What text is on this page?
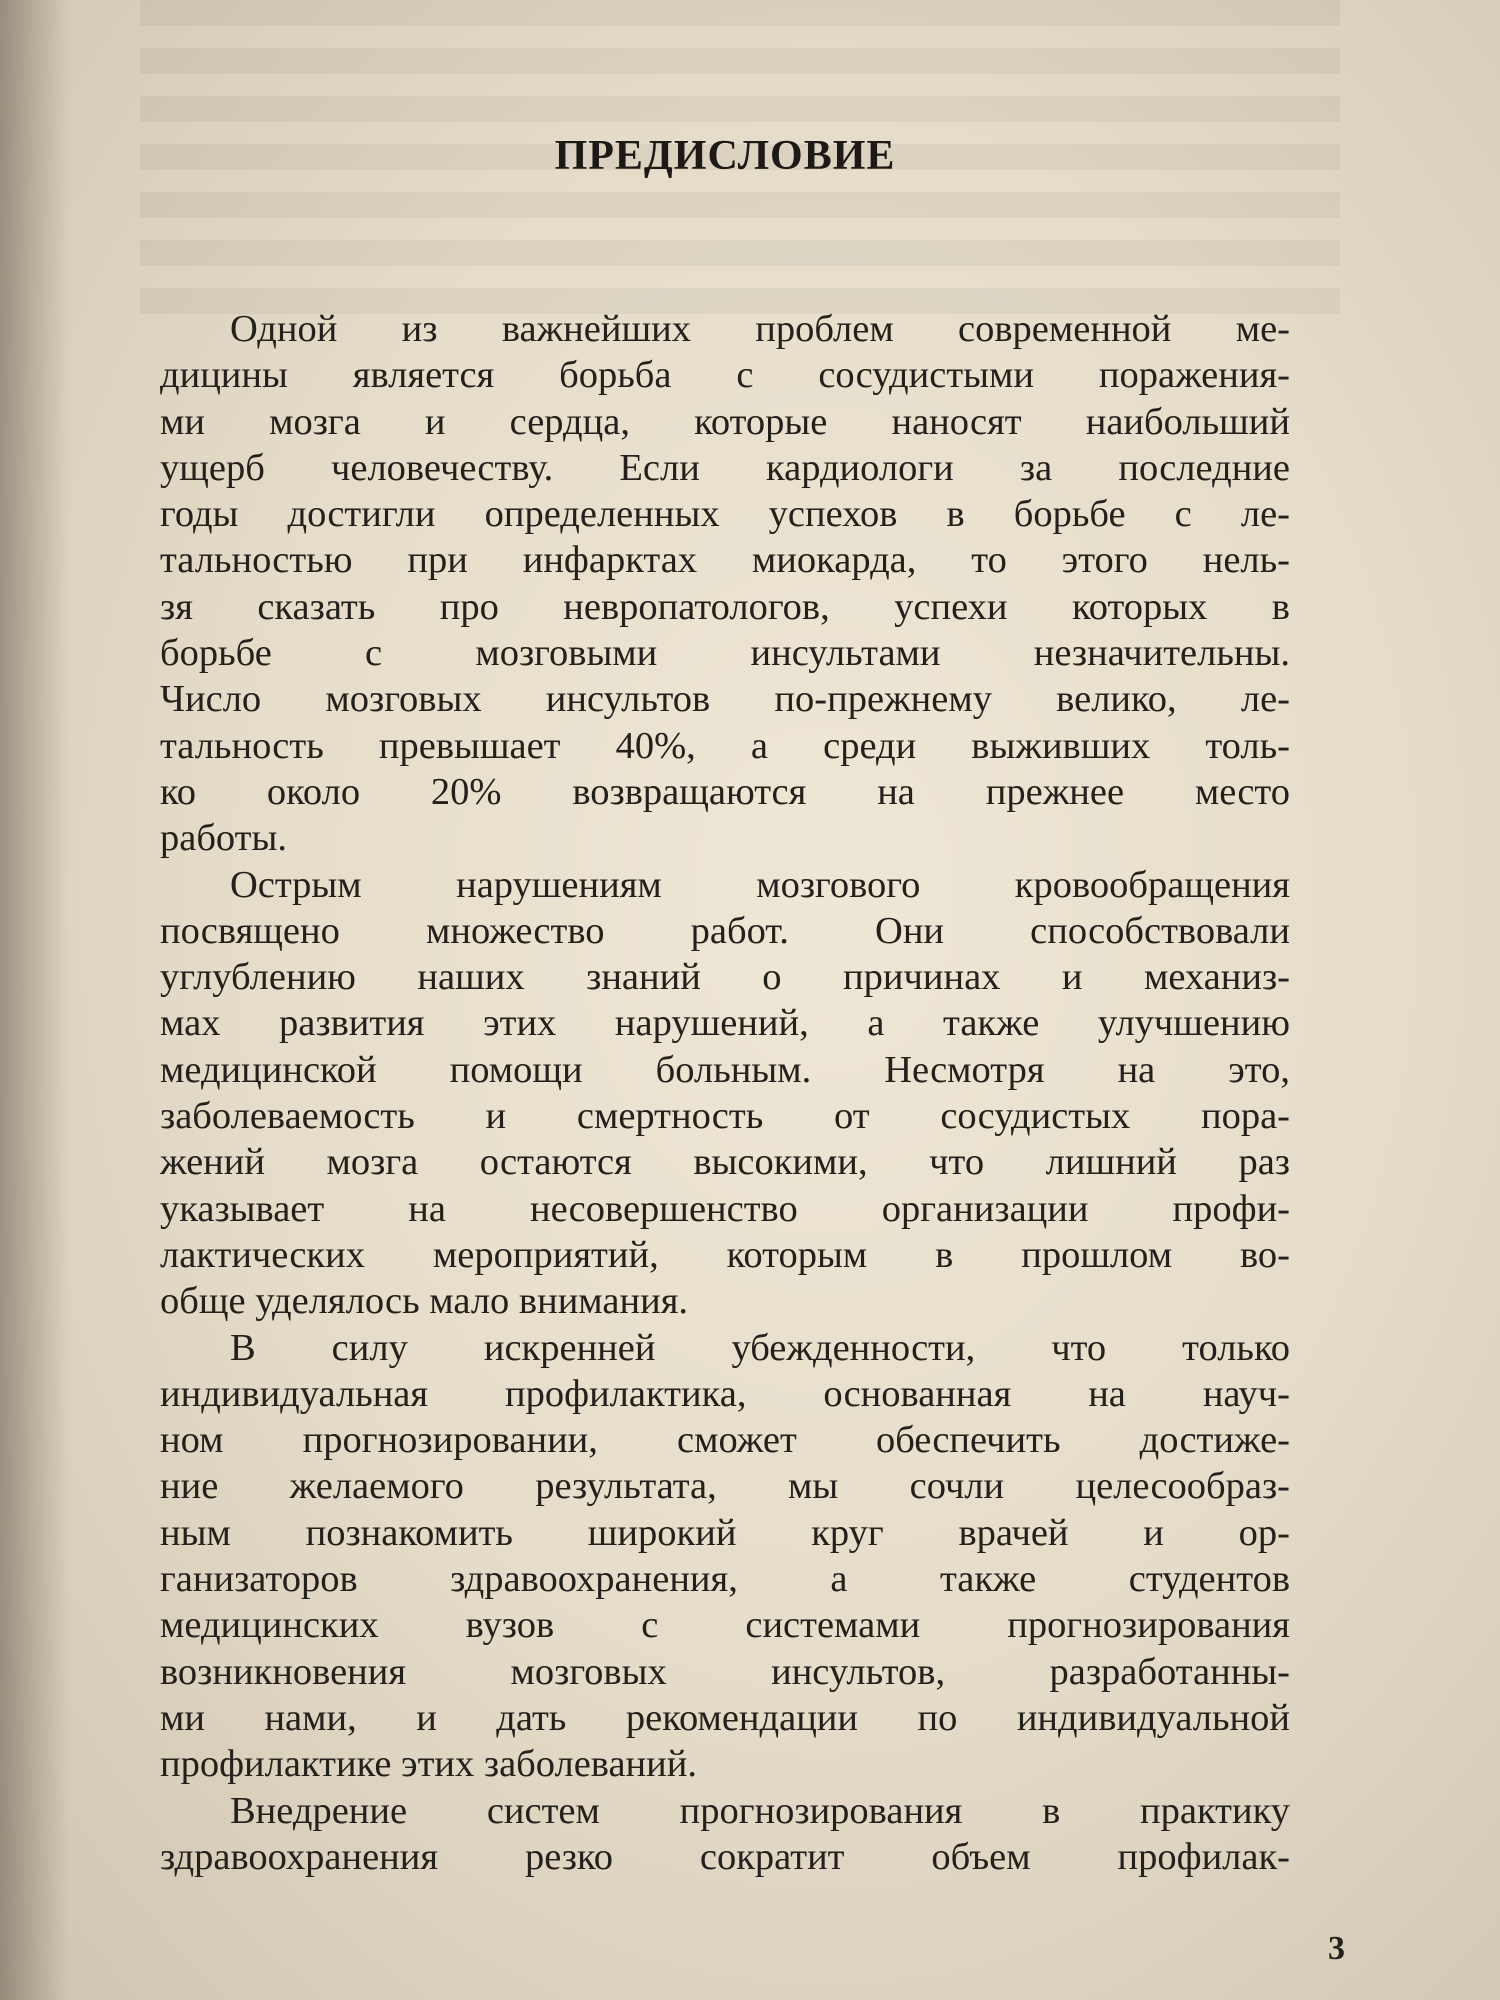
ПРЕДИСЛОВИЕ
Одной из важнейших проблем современной ме-
дицины является борьба с сосудистыми поражения-
ми мозга и сердца, которые наносят наибольший
ущерб человечеству. Если кардиологи за последние
годы достигли определенных успехов в борьбе с ле-
тальностью при инфарктах миокарда, то этого нель-
зя сказать про невропатологов, успехи которых в
борьбе с мозговыми инсультами незначительны.
Число мозговых инсультов по-прежнему велико, ле-
тальность превышает 40%, а среди выживших толь-
ко около 20% возвращаются на прежнее место
работы.
Острым нарушениям мозгового кровообращения
посвящено множество работ. Они способствовали
углублению наших знаний о причинах и механиз-
мах развития этих нарушений, а также улучшению
медицинской помощи больным. Несмотря на это,
заболеваемость и смертность от сосудистых пора-
жений мозга остаются высокими, что лишний раз
указывает на несовершенство организации профи-
лактических мероприятий, которым в прошлом во-
обще уделялось мало внимания.
В силу искренней убежденности, что только
индивидуальная профилактика, основанная на науч-
ном прогнозировании, сможет обеспечить достиже-
ние желаемого результата, мы сочли целесообраз-
ным познакомить широкий круг врачей и ор-
ганизаторов здравоохранения, а также студентов
медицинских вузов с системами прогнозирования
возникновения мозговых инсультов, разработанны-
ми нами, и дать рекомендации по индивидуальной
профилактике этих заболеваний.
Внедрение систем прогнозирования в практику
здравоохранения резко сократит объем профилак-
3
